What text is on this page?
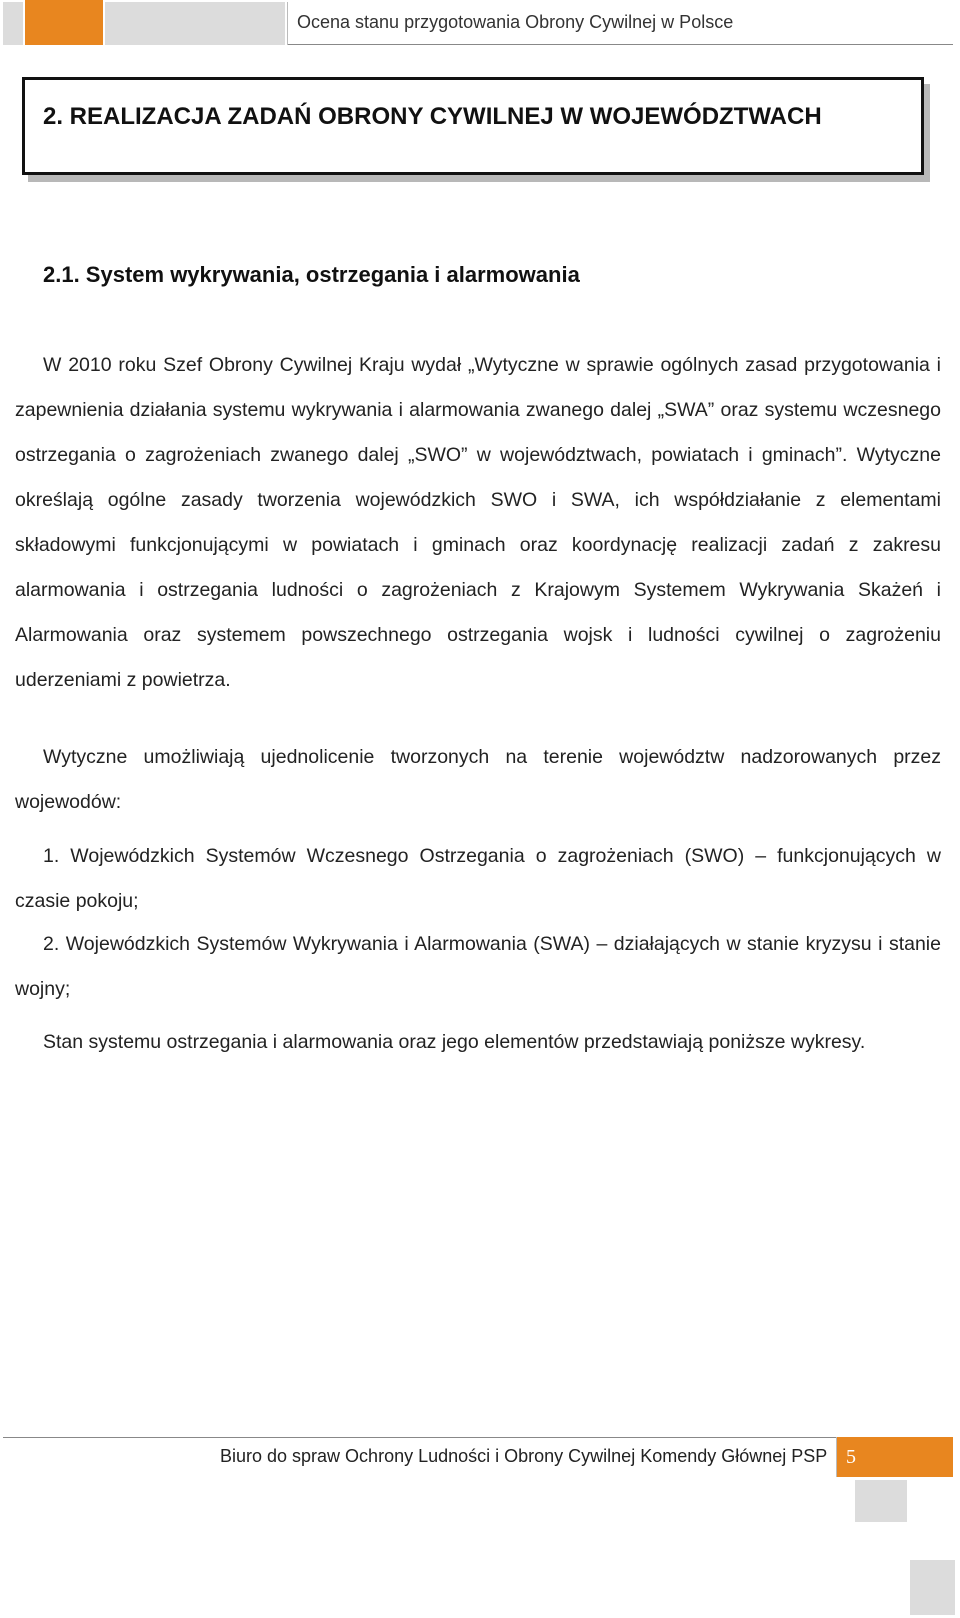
Ocena stanu przygotowania Obrony Cywilnej w Polsce
2. REALIZACJA ZADAŃ OBRONY CYWILNEJ W WOJEWÓDZTWACH
2.1. System wykrywania, ostrzegania i alarmowania

W 2010 roku Szef Obrony Cywilnej Kraju wydał „Wytyczne w sprawie ogólnych zasad przygotowania i zapewnienia działania systemu wykrywania i alarmowania zwanego dalej „SWA” oraz systemu wczesnego ostrzegania o zagrożeniach zwanego dalej „SWO” w województwach, powiatach i gminach”. Wytyczne określają ogólne zasady tworzenia wojewódzkich SWO i SWA, ich współdziałanie z elementami składowymi funkcjonującymi w powiatach i gminach oraz koordynację realizacji zadań z zakresu alarmowania i ostrzegania ludności o zagrożeniach z Krajowym Systemem Wykrywania Skażeń i Alarmowania oraz systemem powszechnego ostrzegania wojsk i ludności cywilnej o zagrożeniu uderzeniami z powietrza.

Wytyczne umożliwiają ujednolicenie tworzonych na terenie województw nadzorowanych przez wojewodów:

1. Wojewódzkich Systemów Wczesnego Ostrzegania o zagrożeniach (SWO) – funkcjonujących w czasie pokoju;

2. Wojewódzkich Systemów Wykrywania i Alarmowania (SWA) – działających w stanie kryzysu i stanie wojny;

Stan systemu ostrzegania i alarmowania oraz jego elementów przedstawiają poniższe wykresy.

Biuro do spraw Ochrony Ludności i Obrony Cywilnej Komendy Głównej PSP 5
